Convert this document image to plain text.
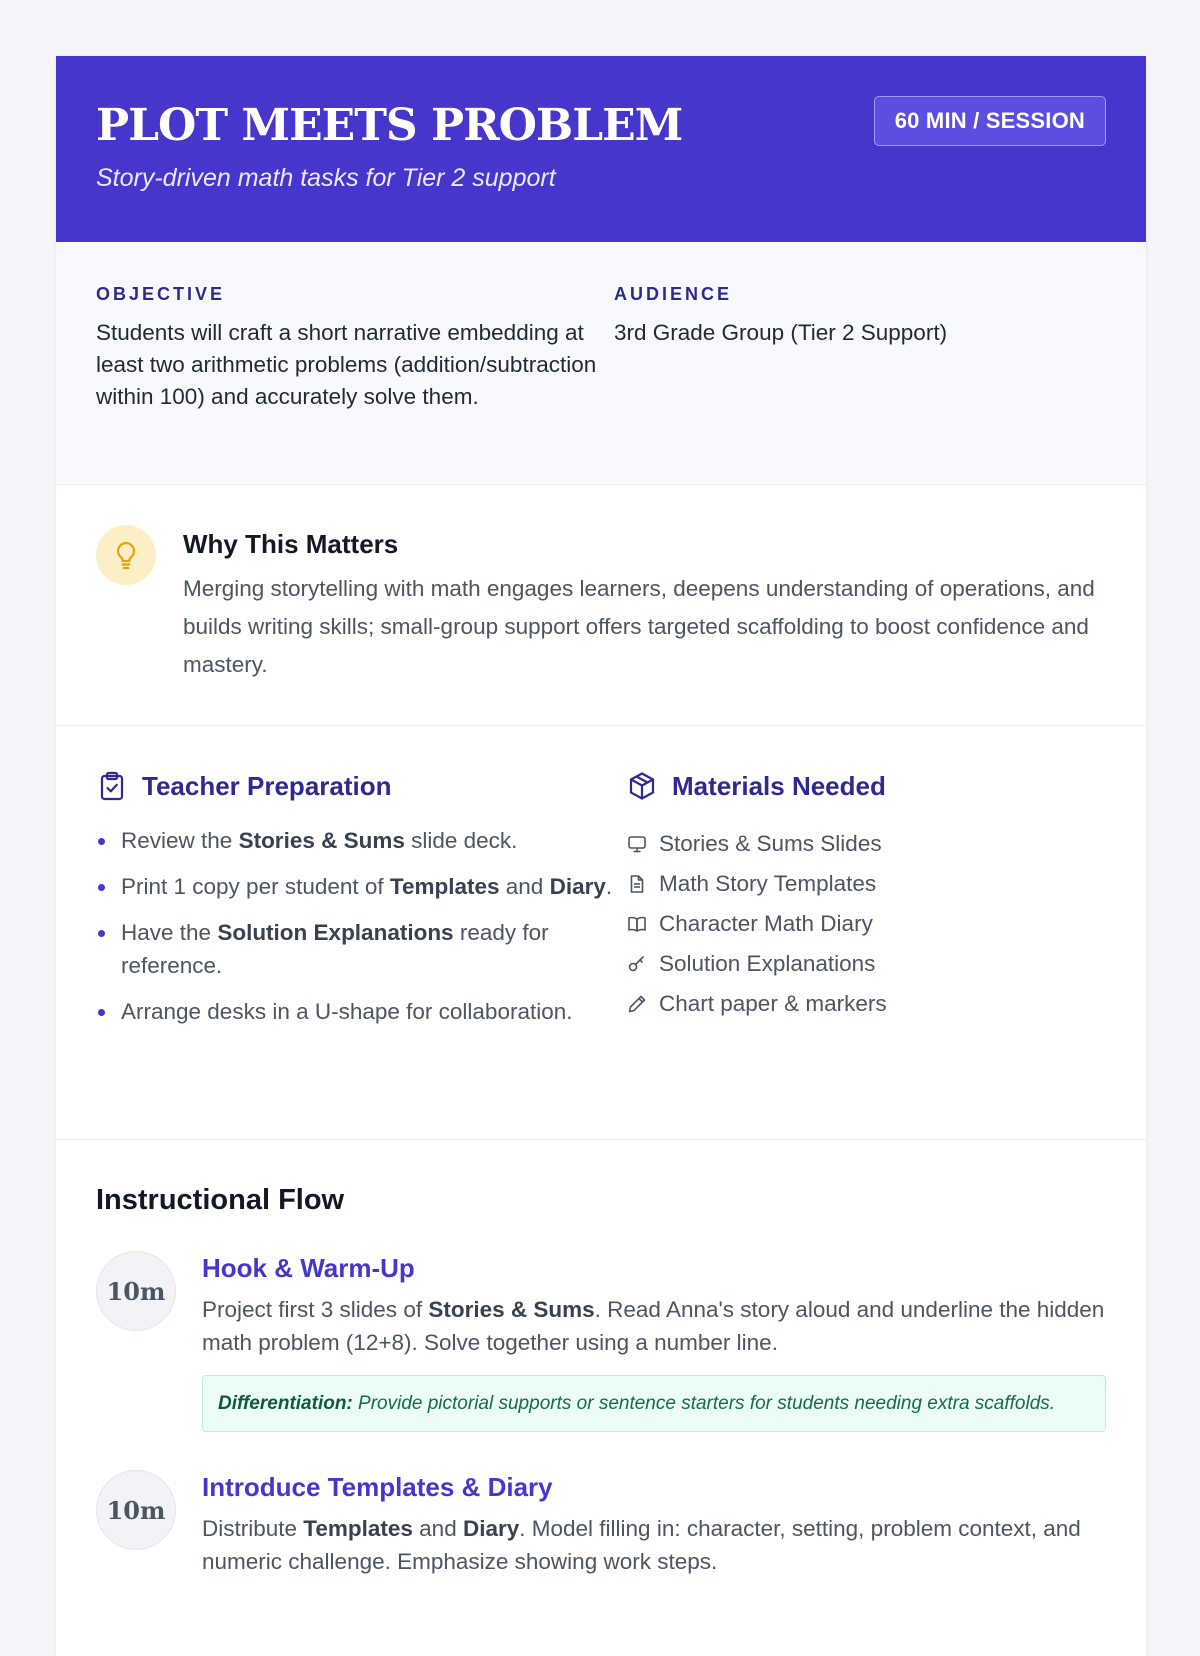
PLOT MEETS PROBLEM
Story-driven math tasks for Tier 2 support
60 MIN / SESSION
OBJECTIVE

Students will craft a short narrative embedding at least two arithmetic problems (addition/subtraction within 100) and accurately solve them.

AUDIENCE

3rd Grade Group (Tier 2 Support)

Why This Matters

Merging storytelling with math engages learners, deepens understanding of operations, and builds writing skills; small-group support offers targeted scaffolding to boost confidence and mastery.

Teacher Preparation
Review the Stories & Sums slide deck.
Print 1 copy per student of Templates and Diary.
Have the Solution Explanations ready for reference.
Arrange desks in a U-shape for collaboration.
Materials Needed
Stories & Sums Slides
Math Story Templates
Character Math Diary
Solution Explanations
Chart paper & markers
Instructional Flow
10m
Hook & Warm-Up

Project first 3 slides of Stories & Sums. Read Anna's story aloud and underline the hidden math problem (12+8). Solve together using a number line.

Differentiation: Provide pictorial supports or sentence starters for students needing extra scaffolds.
10m
Introduce Templates & Diary

Distribute Templates and Diary. Model filling in: character, setting, problem context, and numeric challenge. Emphasize showing work steps.
